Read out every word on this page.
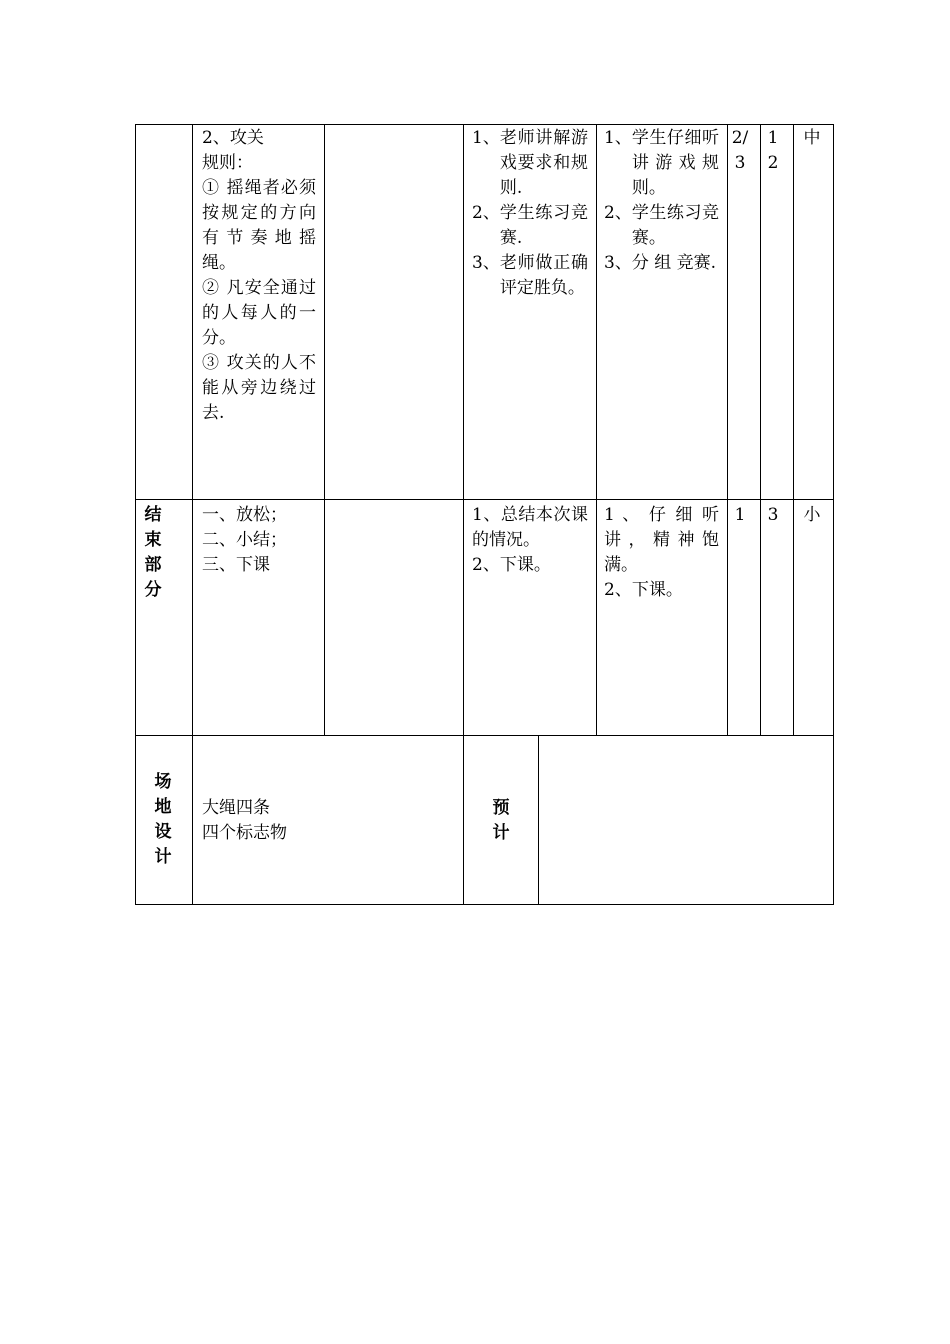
2、攻关
规则：
① 摇绳者必须按规定的方向有节奏地摇绳。
② 凡安全通过的人每人的一分。
③ 攻关的人不能从旁边绕过去.
1、 老师讲解游戏要求和规则.
2、 学生练习竞赛.
3、 老师做正确评定胜负。
1、 学生仔细听讲游戏规则。
2、 学生练习竞赛。
3、 分 组 竞赛.
2/3
12
中
结束部分
一、放松；
二、小结；
三、下课
1、总结本次课的情况。
2、下课。
1 、 仔 细 听讲，精神饱满。
2、下课。
1 3	小
场地设计
大绳四条
四个标志物
预计
